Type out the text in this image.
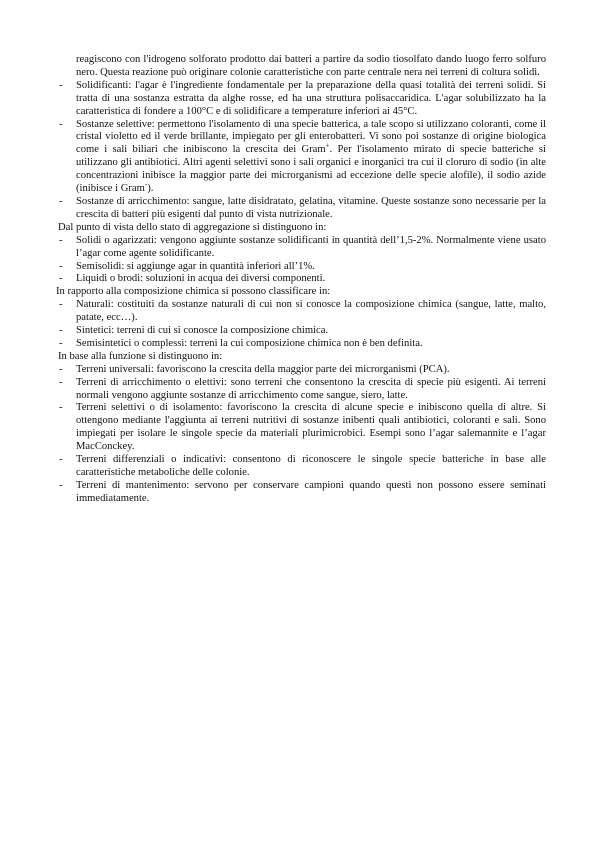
reagiscono con l'idrogeno solforato prodotto dai batteri a partire da sodio tiosolfato dando luogo ferro solfuro nero. Questa reazione può originare colonie caratteristiche con parte centrale nera nei terreni di coltura solidi.
- Solidificanti: l'agar è l'ingrediente fondamentale per la preparazione della quasi totalità dei terreni solidi. Si tratta di una sostanza estratta da alghe rosse, ed ha una struttura polisaccaridica. L'agar solubilizzato ha la caratteristica di fondere a 100°C e di solidificare a temperature inferiori ai 45°C.
- Sostanze selettive: permettono l'isolamento di una specie batterica, a tale scopo si utilizzano coloranti, come il cristal violetto ed il verde brillante, impiegato per gli enterobatteri. Vi sono poi sostanze di origine biologica come i sali biliari che inibiscono la crescita dei Gram+. Per l'isolamento mirato di specie batteriche si utilizzano gli antibiotici. Altri agenti selettivi sono i sali organici e inorganici tra cui il cloruro di sodio (in alte concentrazioni inibisce la maggior parte dei microrganismi ad eccezione delle specie alofile), il sodio azide (inibisce i Gram-).
- Sostanze di arricchimento: sangue, latte disidratato, gelatina, vitamine. Queste sostanze sono necessarie per la crescita di batteri più esigenti dal punto di vista nutrizionale.
Dal punto di vista dello stato di aggregazione si distinguono in:
- Solidi o agarizzati: vengono aggiunte sostanze solidificanti in quantità dell’1,5-2%. Normalmente viene usato l’agar come agente solidificante.
- Semisolidi: si aggiunge agar in quantità inferiori all’1%.
- Liquidi o brodi: soluzioni in acqua dei diversi componenti.
In rapporto alla composizione chimica si possono classificare in:
- Naturali: costituiti da sostanze naturali di cui non si conosce la composizione chimica (sangue, latte, malto, patate, ecc…).
- Sintetici: terreni di cui si conosce la composizione chimica.
- Semisintetici o complessi: terreni la cui composizione chimica non è ben definita.
In base alla funzione si distinguono in:
- Terreni universali: favoriscono la crescita della maggior parte dei microrganismi (PCA).
- Terreni di arricchimento o elettivi: sono terreni che consentono la crescita di specie più esigenti. Ai terreni normali vengono aggiunte sostanze di arricchimento come sangue, siero, latte.
- Terreni selettivi o di isolamento: favoriscono la crescita di alcune specie e inibiscono quella di altre. Si ottengono mediante l'aggiunta ai terreni nutritivi di sostanze inibenti quali antibiotici, coloranti e sali. Sono impiegati per isolare le singole specie da materiali plurimicrobici. Esempi sono l’agar salemannite e l’agar MacConckey.
- Terreni differenziali o indicativi: consentono di riconoscere le singole specie batteriche in base alle caratteristiche metaboliche delle colonie.
- Terreni di mantenimento: servono per conservare campioni quando questi non possono essere seminati immediatamente.
